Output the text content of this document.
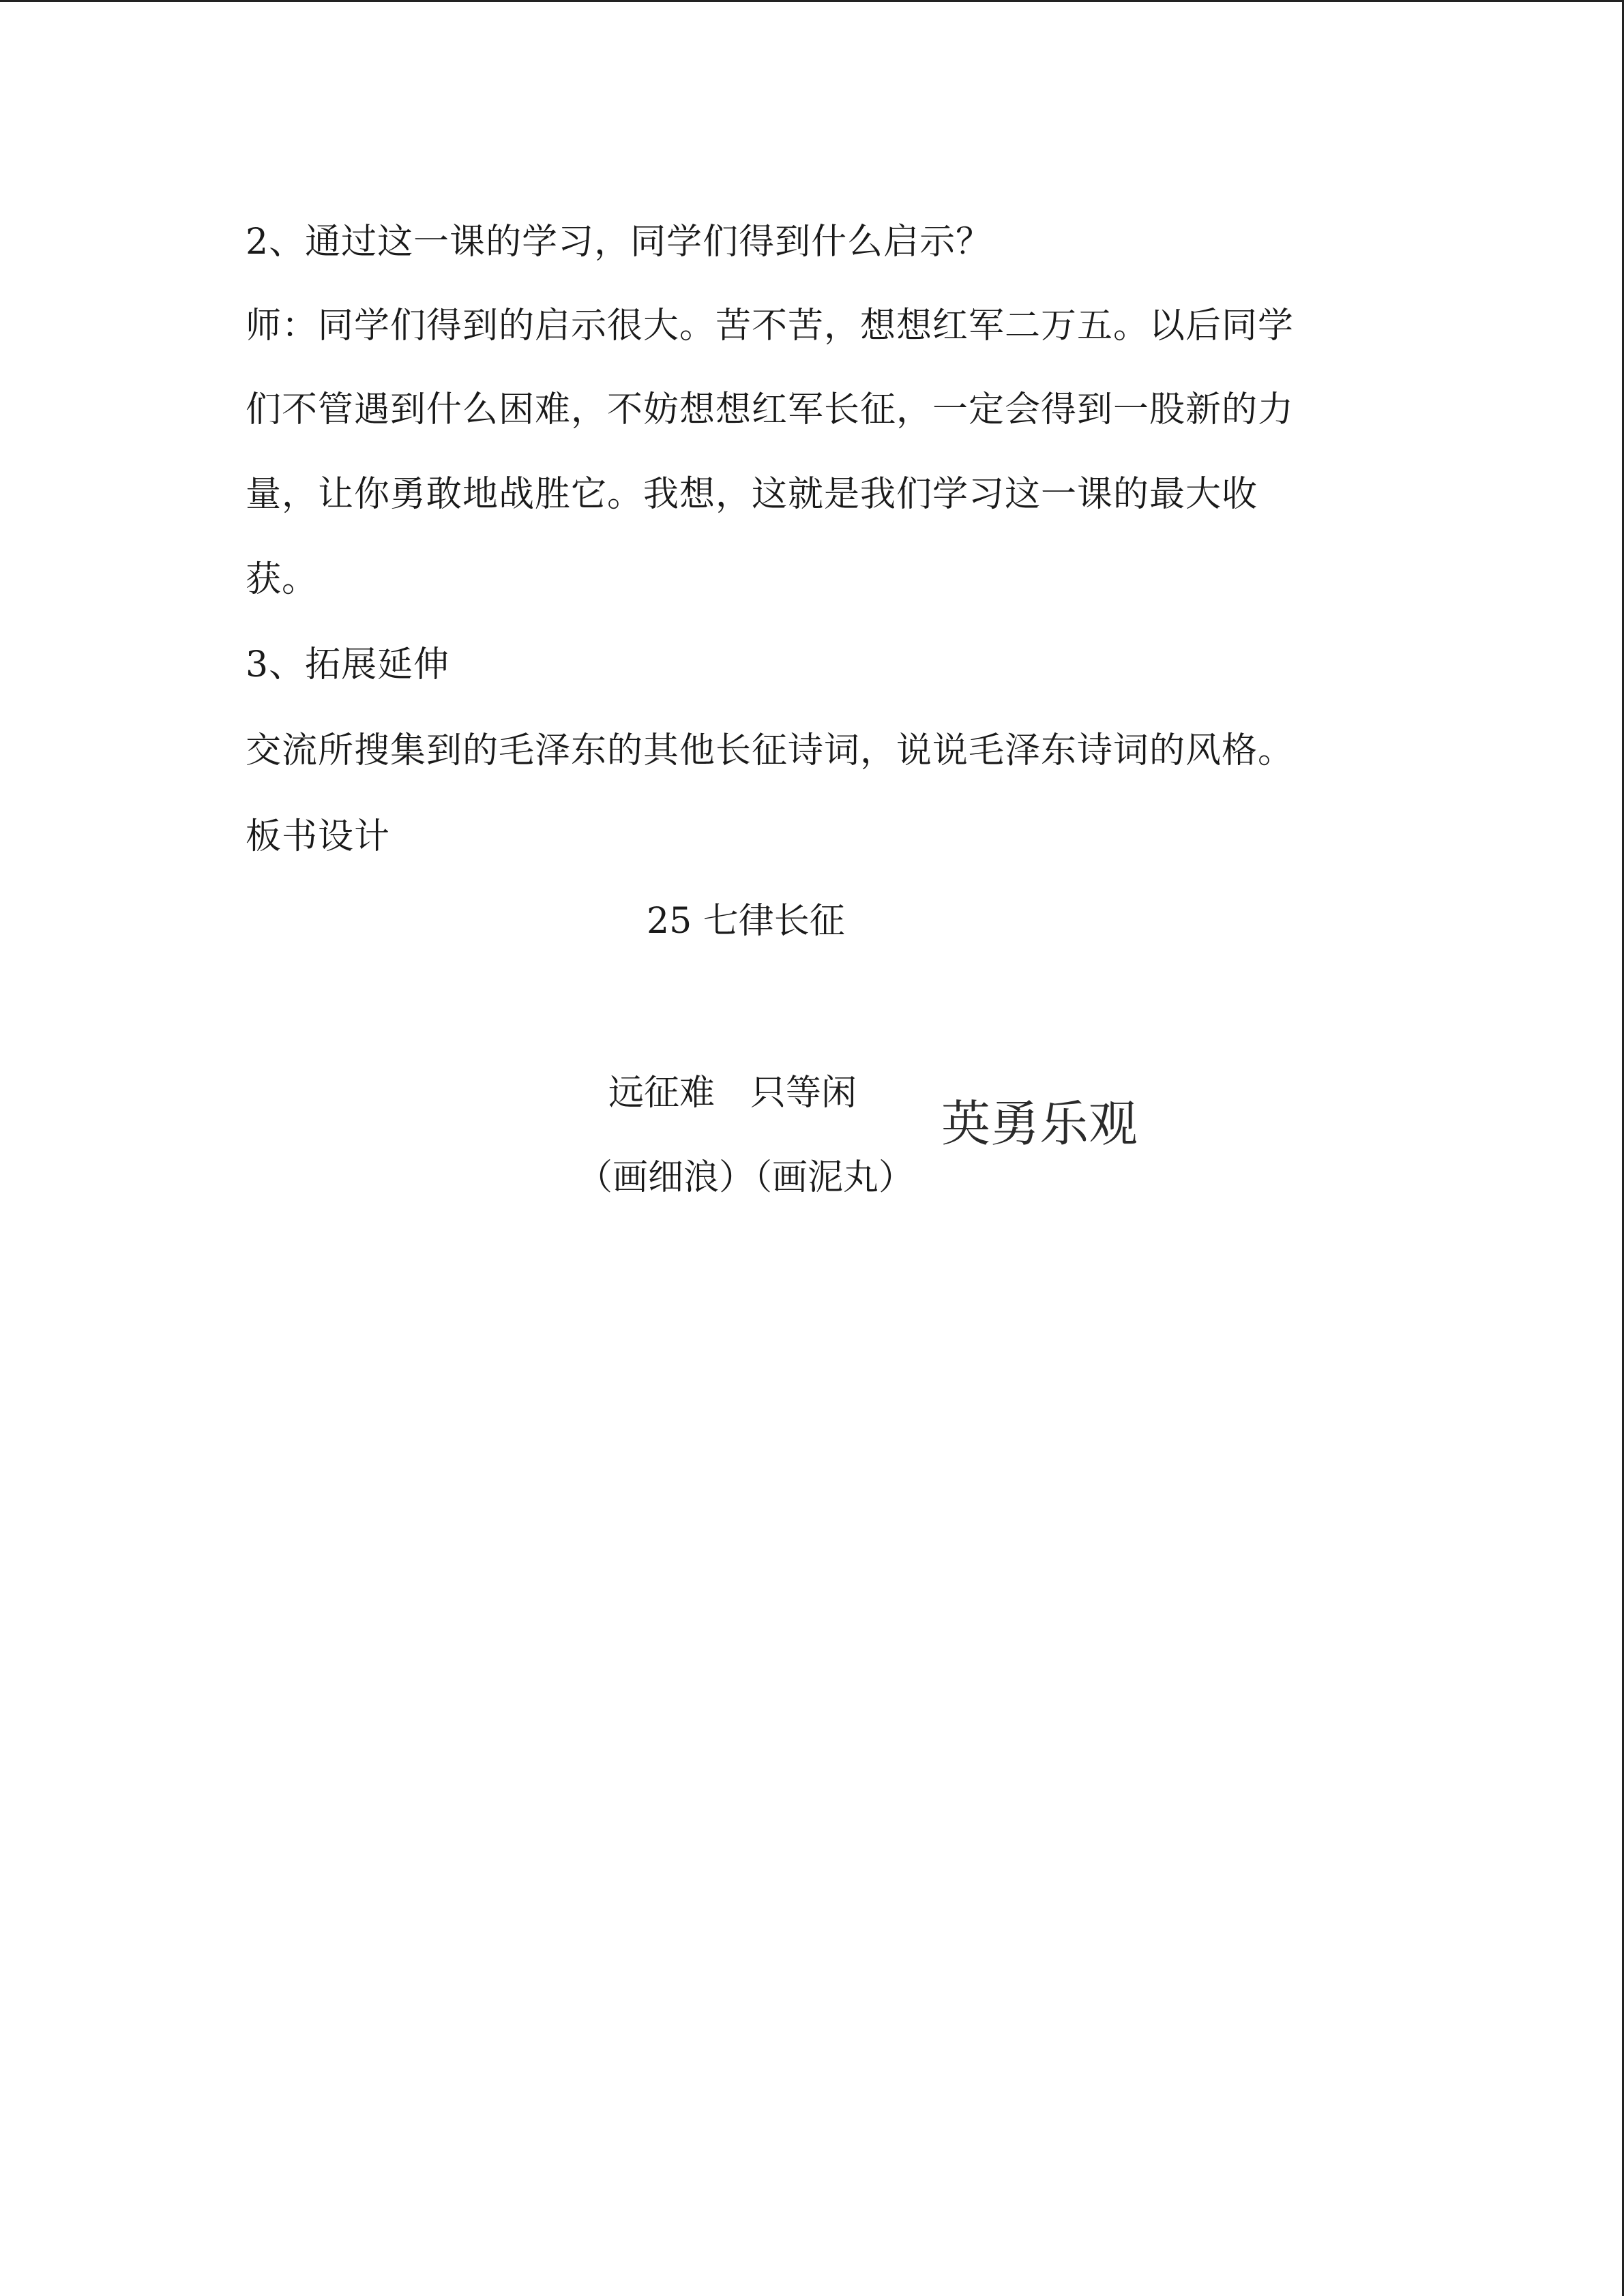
2、通过这一课的学习，同学们得到什么启示？
师：同学们得到的启示很大。苦不苦，想想红军二万五。以后同学
们不管遇到什么困难，不妨想想红军长征，一定会得到一股新的力
量，让你勇敢地战胜它。我想，这就是我们学习这一课的最大收
获。
3、拓展延伸
交流所搜集到的毛泽东的其他长征诗词，说说毛泽东诗词的风格。
板书设计
25 七律长征
远征难　只等闲
（画细浪）（画泥丸）
英勇乐观
